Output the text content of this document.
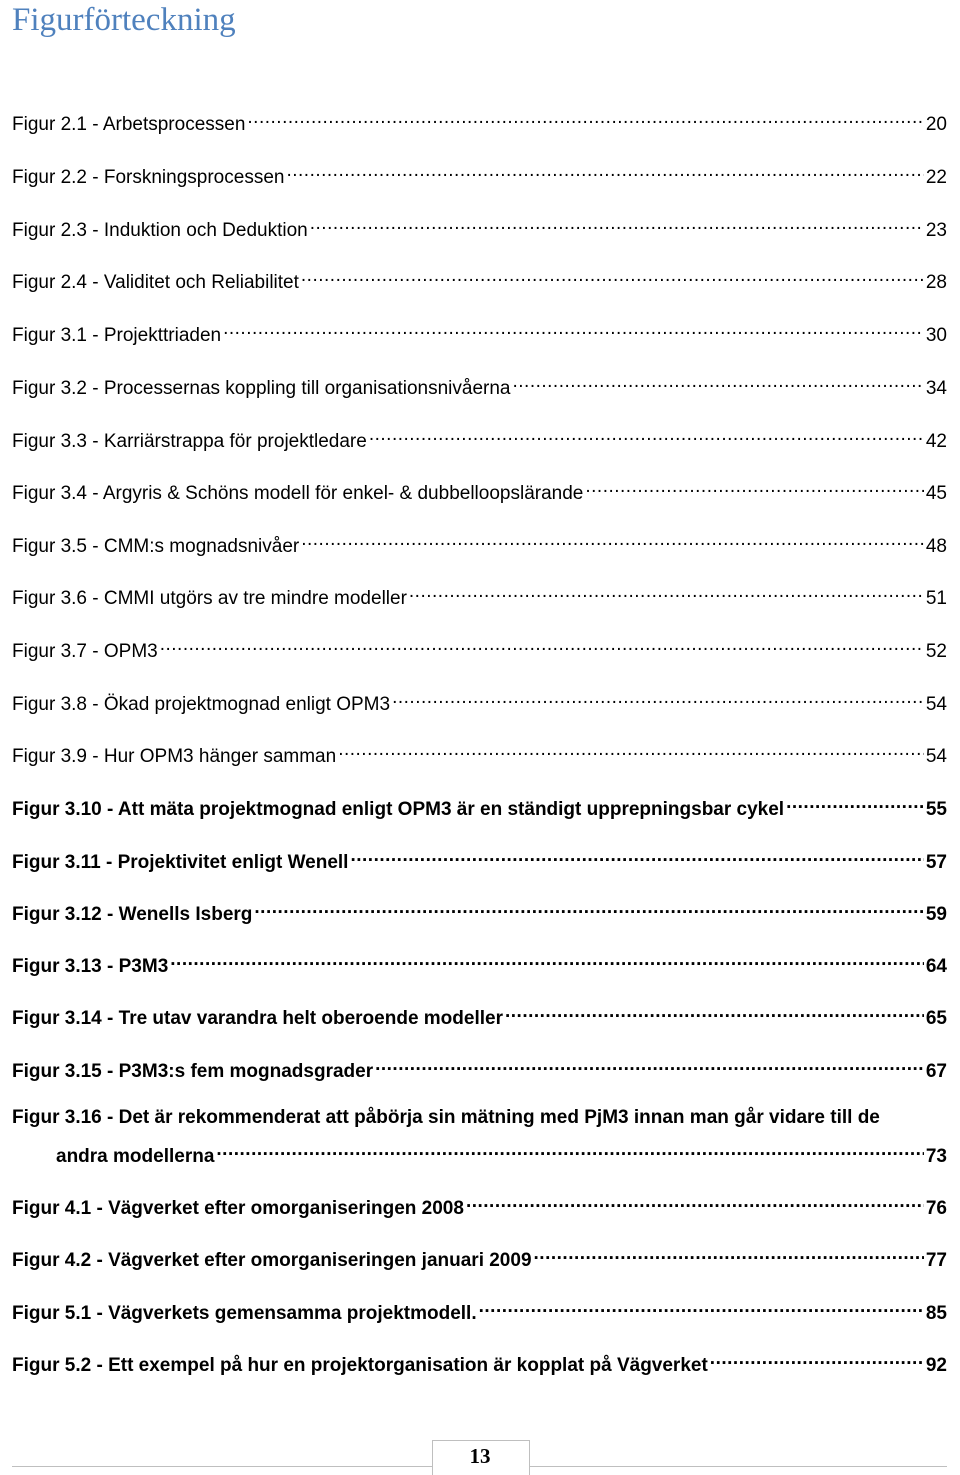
Figurförteckning
Figur 2.1 - Arbetsprocessen .....	20
Figur 2.2 - Forskningsprocessen .....	22
Figur 2.3 - Induktion och Deduktion .....	23
Figur 2.4 - Validitet och Reliabilitet .....	28
Figur 3.1 - Projekttriaden .....	30
Figur 3.2 - Processernas koppling till organisationsnivåerna .....	34
Figur 3.3 - Karriärstrappa för projektledare .....	42
Figur 3.4 - Argyris & Schöns modell för enkel- & dubbelloopslärande .....	45
Figur 3.5 - CMM:s mognadsnivåer .....	48
Figur 3.6 - CMMI utgörs av tre mindre modeller .....	51
Figur 3.7 - OPM3 .....	52
Figur 3.8 - Ökad projektmognad enligt OPM3 .....	54
Figur 3.9 - Hur OPM3 hänger samman .....	54
Figur 3.10 - Att mäta projektmognad enligt OPM3 är en ständigt upprepningsbar cykel .....	55
Figur 3.11 - Projektivitet enligt Wenell .....	57
Figur 3.12 - Wenells Isberg .....	59
Figur 3.13 - P3M3 .....	64
Figur 3.14 - Tre utav varandra helt oberoende modeller .....	65
Figur 3.15 - P3M3:s fem mognadsgrader .....	67
Figur 3.16 - Det är rekommenderat att påbörja sin mätning med PjM3 innan man går vidare till de
andra modellerna .....	73
Figur 4.1 - Vägverket efter omorganiseringen 2008 .....	76
Figur 4.2 - Vägverket efter omorganiseringen januari 2009 .....	77
Figur 5.1 - Vägverkets gemensamma projektmodell. .....	85
Figur 5.2 - Ett exempel på hur en projektorganisation är kopplat på Vägverket .....	92
13
